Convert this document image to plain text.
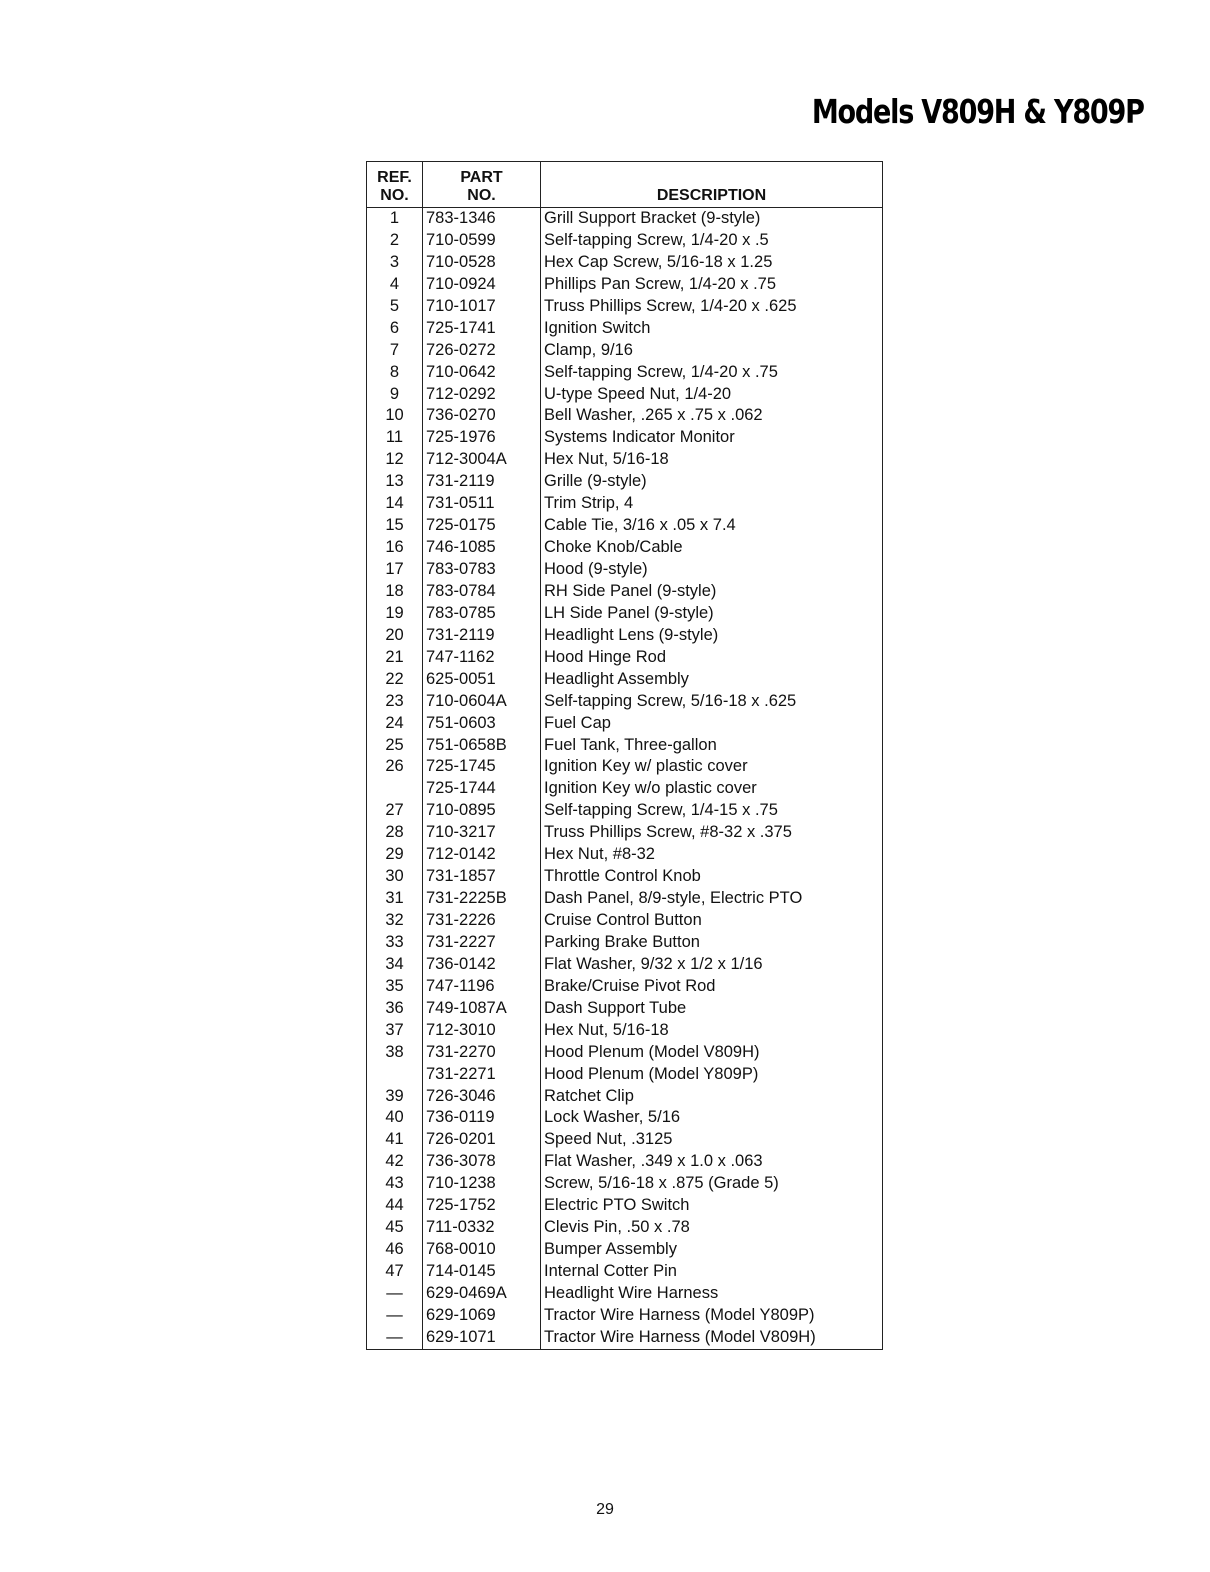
Models V809H & Y809P
REF.
NO.
PART
NO.	DESCRIPTION
1
2
3
4
5
6
7
8
9
10
11
12
13
14
15
16
17
18
19
20
21
22
23
24
25
26
27
28
29
30
31
32
33
34
35
36
37
38
39
40
41
42
43
44
45
46
47
—
—
—
783-1346
710-0599
710-0528
710-0924
710-1017
725-1741
726-0272
710-0642
712-0292
736-0270
725-1976
712-3004A
731-2119
731-0511
725-0175
746-1085
783-0783
783-0784
783-0785
731-2119
747-1162
625-0051
710-0604A
751-0603
751-0658B
725-1745
725-1744
710-0895
710-3217
712-0142
731-1857
731-2225B
731-2226
731-2227
736-0142
747-1196
749-1087A
712-3010
731-2270
731-2271
726-3046
736-0119
726-0201
736-3078
710-1238
725-1752
711-0332
768-0010
714-0145
629-0469A
629-1069
629-1071
Grill Support Bracket (9-style)
Self-tapping Screw, 1/4-20 x .5
Hex Cap Screw, 5/16-18 x 1.25
Phillips Pan Screw, 1/4-20 x .75
Truss Phillips Screw, 1/4-20 x .625
Ignition Switch
Clamp, 9/16
Self-tapping Screw, 1/4-20 x .75
U-type Speed Nut, 1/4-20
Bell Washer, .265 x .75 x .062
Systems Indicator Monitor
Hex Nut, 5/16-18
Grille (9-style)
Trim Strip, 4
Cable Tie, 3/16 x .05 x 7.4
Choke Knob/Cable
Hood (9-style)
RH Side Panel (9-style)
LH Side Panel (9-style)
Headlight Lens (9-style)
Hood Hinge Rod
Headlight Assembly
Self-tapping Screw, 5/16-18 x .625
Fuel Cap
Fuel Tank, Three-gallon
Ignition Key w/ plastic cover
Ignition Key w/o plastic cover
Self-tapping Screw, 1/4-15 x .75
Truss Phillips Screw, #8-32 x .375
Hex Nut, #8-32
Throttle Control Knob
Dash Panel, 8/9-style, Electric PTO
Cruise Control Button
Parking Brake Button
Flat Washer, 9/32 x 1/2 x 1/16
Brake/Cruise Pivot Rod
Dash Support Tube
Hex Nut, 5/16-18
Hood Plenum (Model V809H)
Hood Plenum (Model Y809P)
Ratchet Clip
Lock Washer, 5/16
Speed Nut, .3125
Flat Washer, .349 x 1.0 x .063
Screw, 5/16-18 x .875 (Grade 5)
Electric PTO Switch
Clevis Pin, .50 x .78
Bumper Assembly
Internal Cotter Pin
Headlight Wire Harness
Tractor Wire Harness (Model Y809P)
Tractor Wire Harness (Model V809H)
29
